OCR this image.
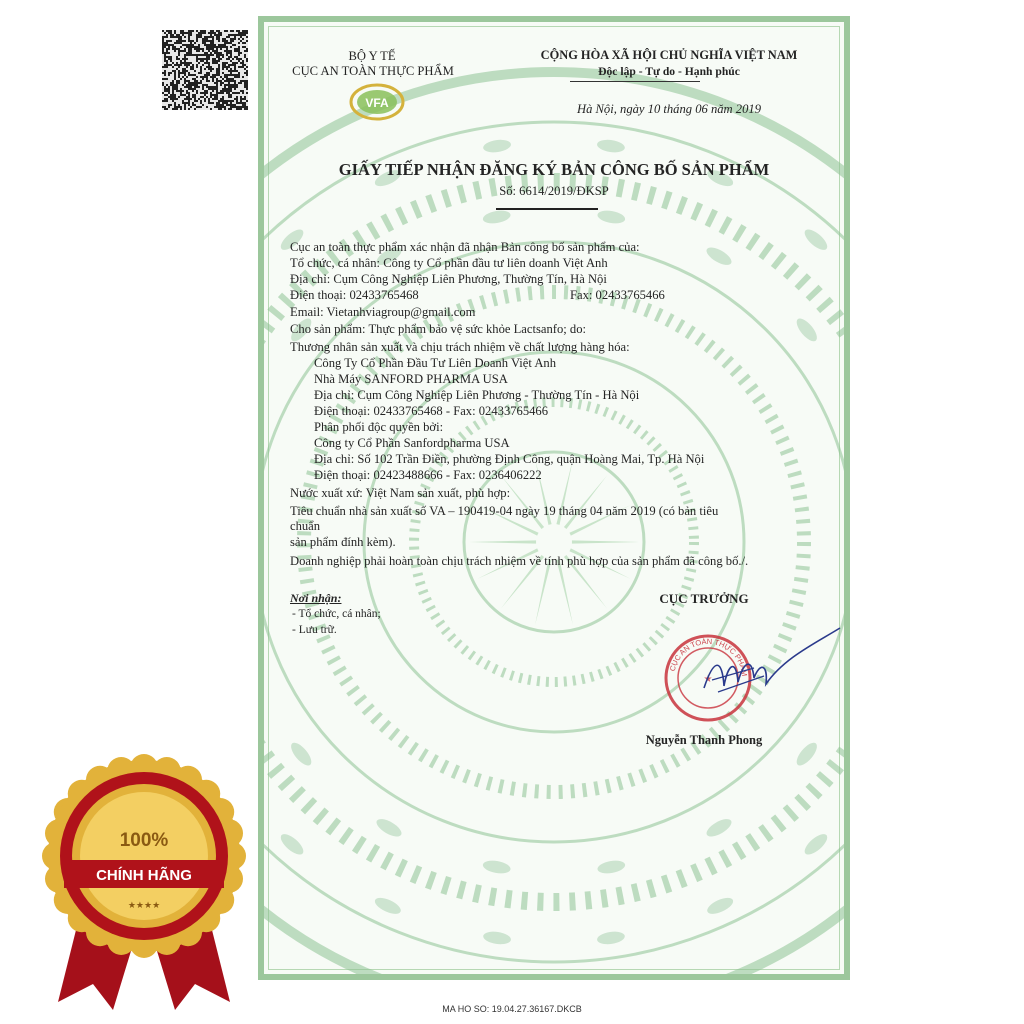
BỘ Y TẾ
CỤC AN TOÀN THỰC PHẨM
VFA
CỘNG HÒA XÃ HỘI CHỦ NGHĨA VIỆT NAM
Độc lập - Tự do - Hạnh phúc
Hà Nội, ngày 10 tháng 06 năm 2019
GIẤY TIẾP NHẬN ĐĂNG KÝ BẢN CÔNG BỐ SẢN PHẨM
Số: 6614/2019/ĐKSP
Cục an toàn thực phẩm xác nhận đã nhận Bản công bố sản phẩm của:
Tổ chức, cá nhân: Công ty Cổ phần đầu tư liên doanh Việt Anh
Địa chỉ: Cụm Công Nghiệp Liên Phương, Thường Tín, Hà Nội
Điện thoại: 02433765468	Fax: 02433765466
Email: Vietanhviagroup@gmail.com
Cho sản phẩm: Thực phẩm bảo vệ sức khỏe Lactsanfo; do:
Thương nhân sản xuất và chịu trách nhiệm về chất lượng hàng hóa:
Công Ty Cổ Phần Đầu Tư Liên Doanh Việt Anh
Nhà Máy SANFORD PHARMA USA
Địa chỉ: Cụm Công Nghiệp Liên Phương - Thường Tín - Hà Nội
Điện thoại: 02433765468 - Fax: 02433765466
Phân phối độc quyền bởi:
Công ty Cổ Phần Sanfordpharma USA
Địa chỉ: Số 102 Trần Điền, phường Định Công, quận Hoàng Mai, Tp. Hà Nội
Điện thoại: 02423488666 - Fax: 0236406222
Nước xuất xứ: Việt Nam sản xuất, phù hợp:
Tiêu chuẩn nhà sản xuất số VA – 190419-04 ngày 19 tháng 04 năm 2019 (có bản tiêu
chuẩn
sản phẩm đính kèm).
Doanh nghiệp phải hoàn toàn chịu trách nhiệm về tính phù hợp của sản phẩm đã công bố./.
Nơi nhận:
- Tổ chức, cá nhân;
- Lưu trữ.
CỤC TRƯỞNG
CỤC AN TOÀN THỰC PHẨM
★
Nguyễn Thanh Phong
100%
CHÍNH HÃNG
★★★★
MA HO SO: 19.04.27.36167.DKCB
